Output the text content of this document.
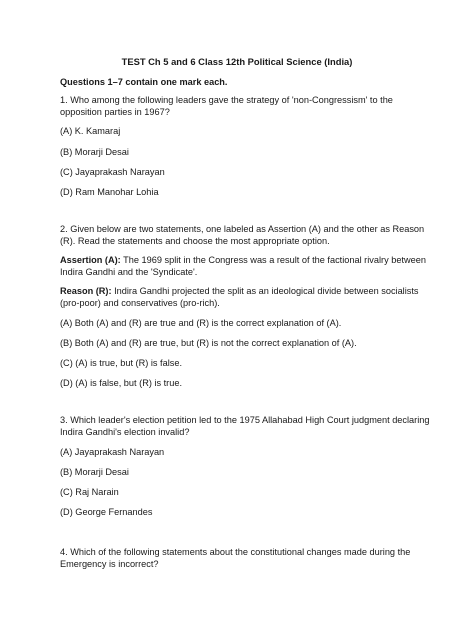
TEST Ch 5 and 6 Class 12th Political Science (India)
Questions 1–7 contain one mark each.
1. Who among the following leaders gave the strategy of 'non-Congressism' to the
opposition parties in 1967?
(A) K. Kamaraj
(B) Morarji Desai
(C) Jayaprakash Narayan
(D) Ram Manohar Lohia
2. Given below are two statements, one labeled as Assertion (A) and the other as Reason
(R). Read the statements and choose the most appropriate option.
Assertion (A): The 1969 split in the Congress was a result of the factional rivalry between
Indira Gandhi and the 'Syndicate'.
Reason (R): Indira Gandhi projected the split as an ideological divide between socialists
(pro-poor) and conservatives (pro-rich).
(A) Both (A) and (R) are true and (R) is the correct explanation of (A).
(B) Both (A) and (R) are true, but (R) is not the correct explanation of (A).
(C) (A) is true, but (R) is false.
(D) (A) is false, but (R) is true.
3. Which leader's election petition led to the 1975 Allahabad High Court judgment declaring
Indira Gandhi's election invalid?
(A) Jayaprakash Narayan
(B) Morarji Desai
(C) Raj Narain
(D) George Fernandes
4. Which of the following statements about the constitutional changes made during the
Emergency is incorrect?
